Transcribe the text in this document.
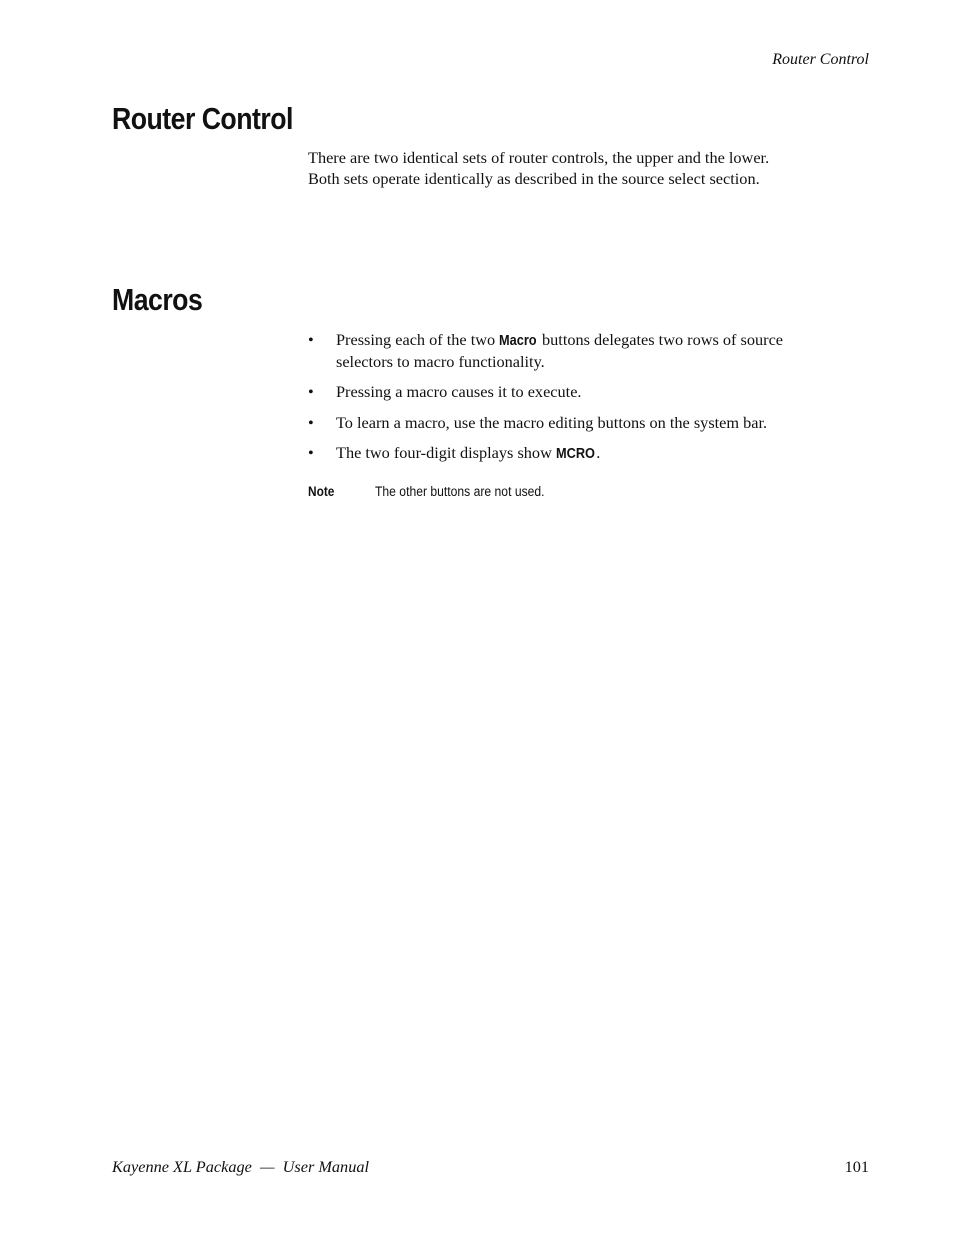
Router Control
Router Control
There are two identical sets of router controls, the upper and the lower.
Both sets operate identically as described in the source select section.
Macros
• Pressing each of the two Macro buttons delegates two rows of source
selectors to macro functionality.
• Pressing a macro causes it to execute.
• To learn a macro, use the macro editing buttons on the system bar.
• The two four-digit displays show MCRO.
Note	The other buttons are not used.
Kayenne XL Package — User Manual	101
